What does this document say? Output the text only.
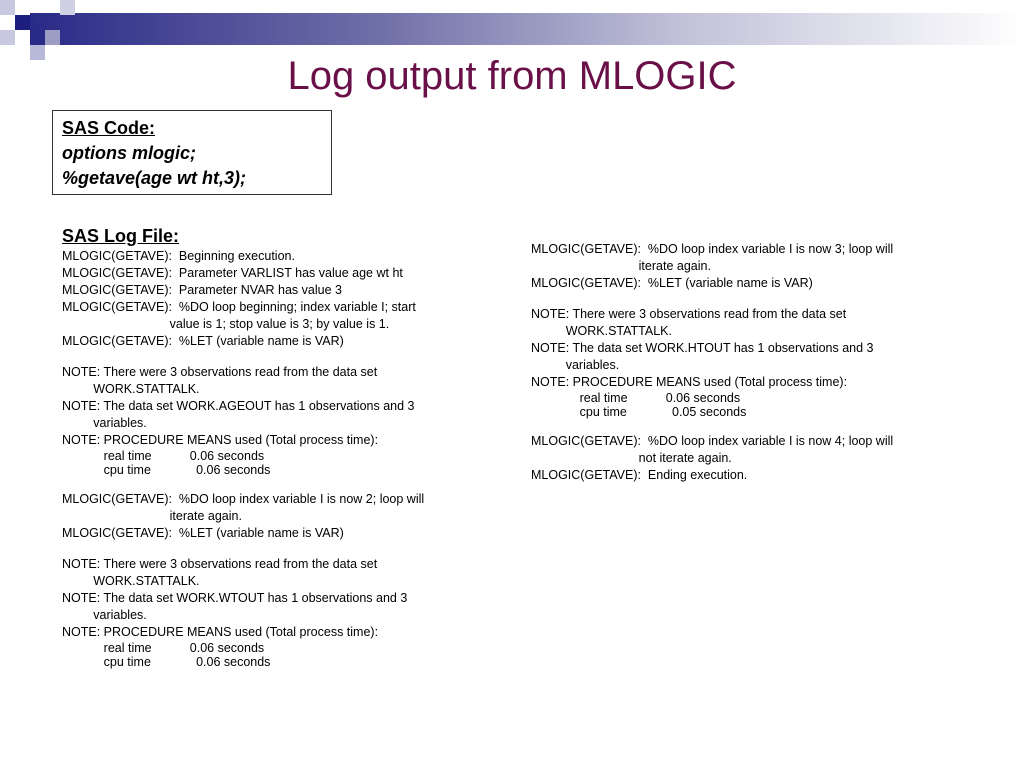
Log output from MLOGIC
SAS Code:
options mlogic;
%getave(age wt ht,3);
SAS Log File:
MLOGIC(GETAVE):  Beginning execution.
MLOGIC(GETAVE):  Parameter VARLIST has value age wt ht
MLOGIC(GETAVE):  Parameter NVAR has value 3
MLOGIC(GETAVE):  %DO loop beginning; index variable I; start
value is 1; stop value is 3; by value is 1.
MLOGIC(GETAVE):  %LET (variable name is VAR)
NOTE: There were 3 observations read from the data set
WORK.STATTALK.
NOTE: The data set WORK.AGEOUT has 1 observations and 3
variables.
NOTE: PROCEDURE MEANS used (Total process time):
real time           0.06 seconds
cpu time             0.06 seconds
MLOGIC(GETAVE):  %DO loop index variable I is now 2; loop will
iterate again.
MLOGIC(GETAVE):  %LET (variable name is VAR)
NOTE: There were 3 observations read from the data set
WORK.STATTALK.
NOTE: The data set WORK.WTOUT has 1 observations and 3
variables.
NOTE: PROCEDURE MEANS used (Total process time):
real time           0.06 seconds
cpu time             0.06 seconds
MLOGIC(GETAVE):  %DO loop index variable I is now 3; loop will
iterate again.
MLOGIC(GETAVE):  %LET (variable name is VAR)
NOTE: There were 3 observations read from the data set
WORK.STATTALK.
NOTE: The data set WORK.HTOUT has 1 observations and 3
variables.
NOTE: PROCEDURE MEANS used (Total process time):
real time           0.06 seconds
cpu time             0.05 seconds
MLOGIC(GETAVE):  %DO loop index variable I is now 4; loop will
not iterate again.
MLOGIC(GETAVE):  Ending execution.
